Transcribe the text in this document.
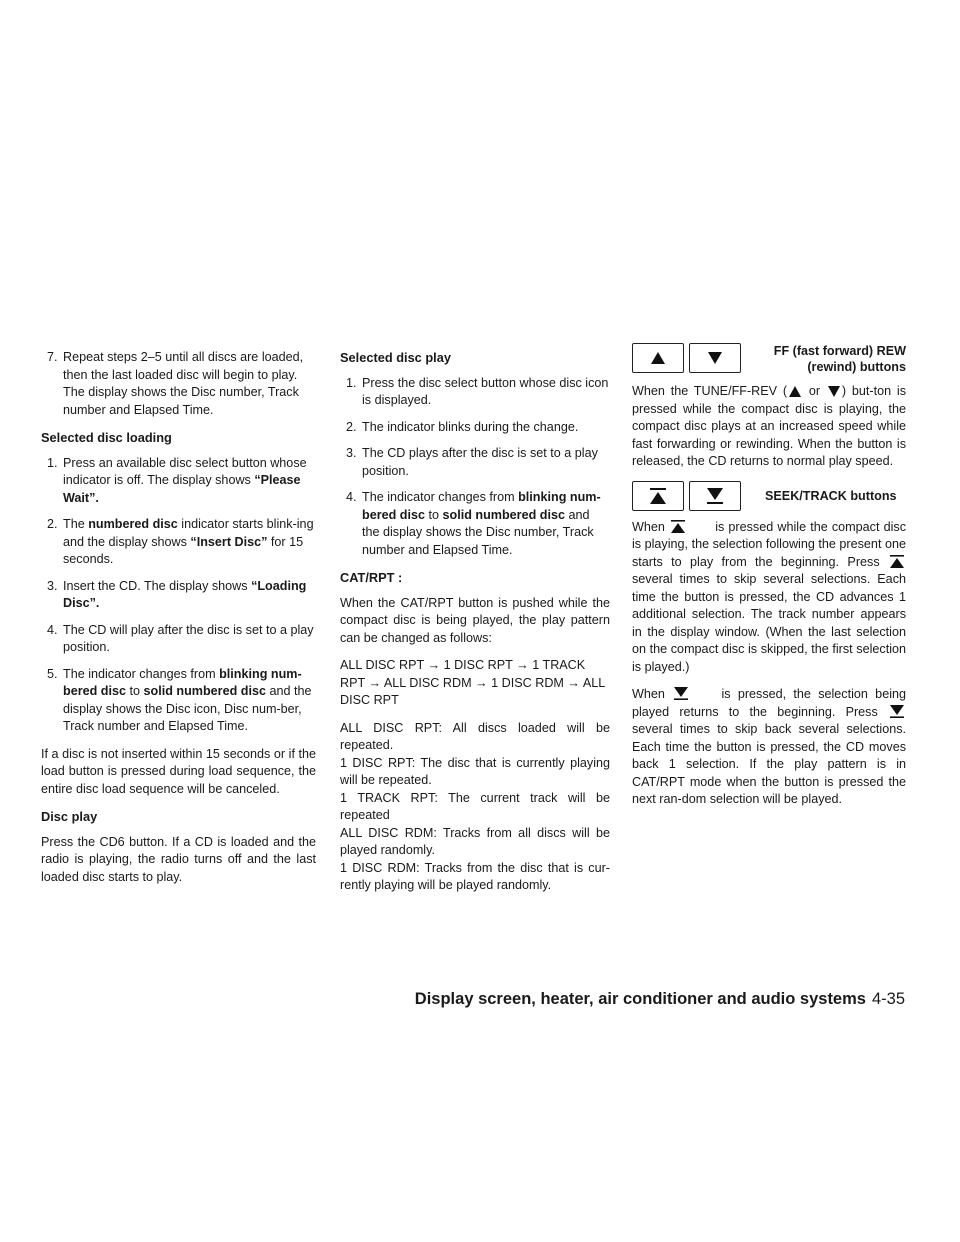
7. Repeat steps 2–5 until all discs are loaded, then the last loaded disc will begin to play. The display shows the Disc number, Track number and Elapsed Time.
Selected disc loading
1. Press an available disc select button whose indicator is off. The display shows “Please Wait”.
2. The numbered disc indicator starts blink-ing and the display shows “Insert Disc” for 15 seconds.
3. Insert the CD. The display shows “Loading Disc”.
4. The CD will play after the disc is set to a play position.
5. The indicator changes from blinking num-bered disc to solid numbered disc and the display shows the Disc icon, Disc num-ber, Track number and Elapsed Time.

If a disc is not inserted within 15 seconds or if the load button is pressed during load sequence, the entire disc load sequence will be canceled.

Disc play

Press the CD6 button. If a CD is loaded and the radio is playing, the radio turns off and the last loaded disc starts to play.

Selected disc play
1. Press the disc select button whose disc icon is displayed.
2. The indicator blinks during the change.
3. The CD plays after the disc is set to a play position.
4. The indicator changes from blinking num-bered disc to solid numbered disc and the display shows the Disc number, Track number and Elapsed Time.
CAT/RPT :

When the CAT/RPT button is pushed while the compact disc is being played, the play pattern can be changed as follows:

ALL DISC RPT → 1 DISC RPT → 1 TRACK RPT → ALL DISC RDM → 1 DISC RDM → ALL DISC RPT

ALL DISC RPT: All discs loaded will be repeated.
1 DISC RPT: The disc that is currently playing will be repeated.
1 TRACK RPT: The current track will be repeated
ALL DISC RDM: Tracks from all discs will be played randomly.
1 DISC RDM: Tracks from the disc that is cur-rently playing will be played randomly.

FF (fast forward) REW (rewind) buttons

When the TUNE/FF-REV ( or ) but-ton is pressed while the compact disc is playing, the compact disc plays at an increased speed while fast forwarding or rewinding. When the button is released, the CD returns to normal play speed.

SEEK/TRACK buttons

When	is pressed while the compact disc is playing, the selection following the present one starts to play from the beginning. Press  several times to skip several selections. Each time the button is pressed, the CD advances 1 additional selection. The track number appears in the display window. (When the last selection on the compact disc is skipped, the first selection is played.)

When	is pressed, the selection being played returns to the beginning. Press  several times to skip back several selections. Each time the button is pressed, the CD moves back 1 selection. If the play pattern is in CAT/RPT mode when the button is pressed the next ran-dom selection will be played.

Display screen, heater, air conditioner and audio systems 4-35
